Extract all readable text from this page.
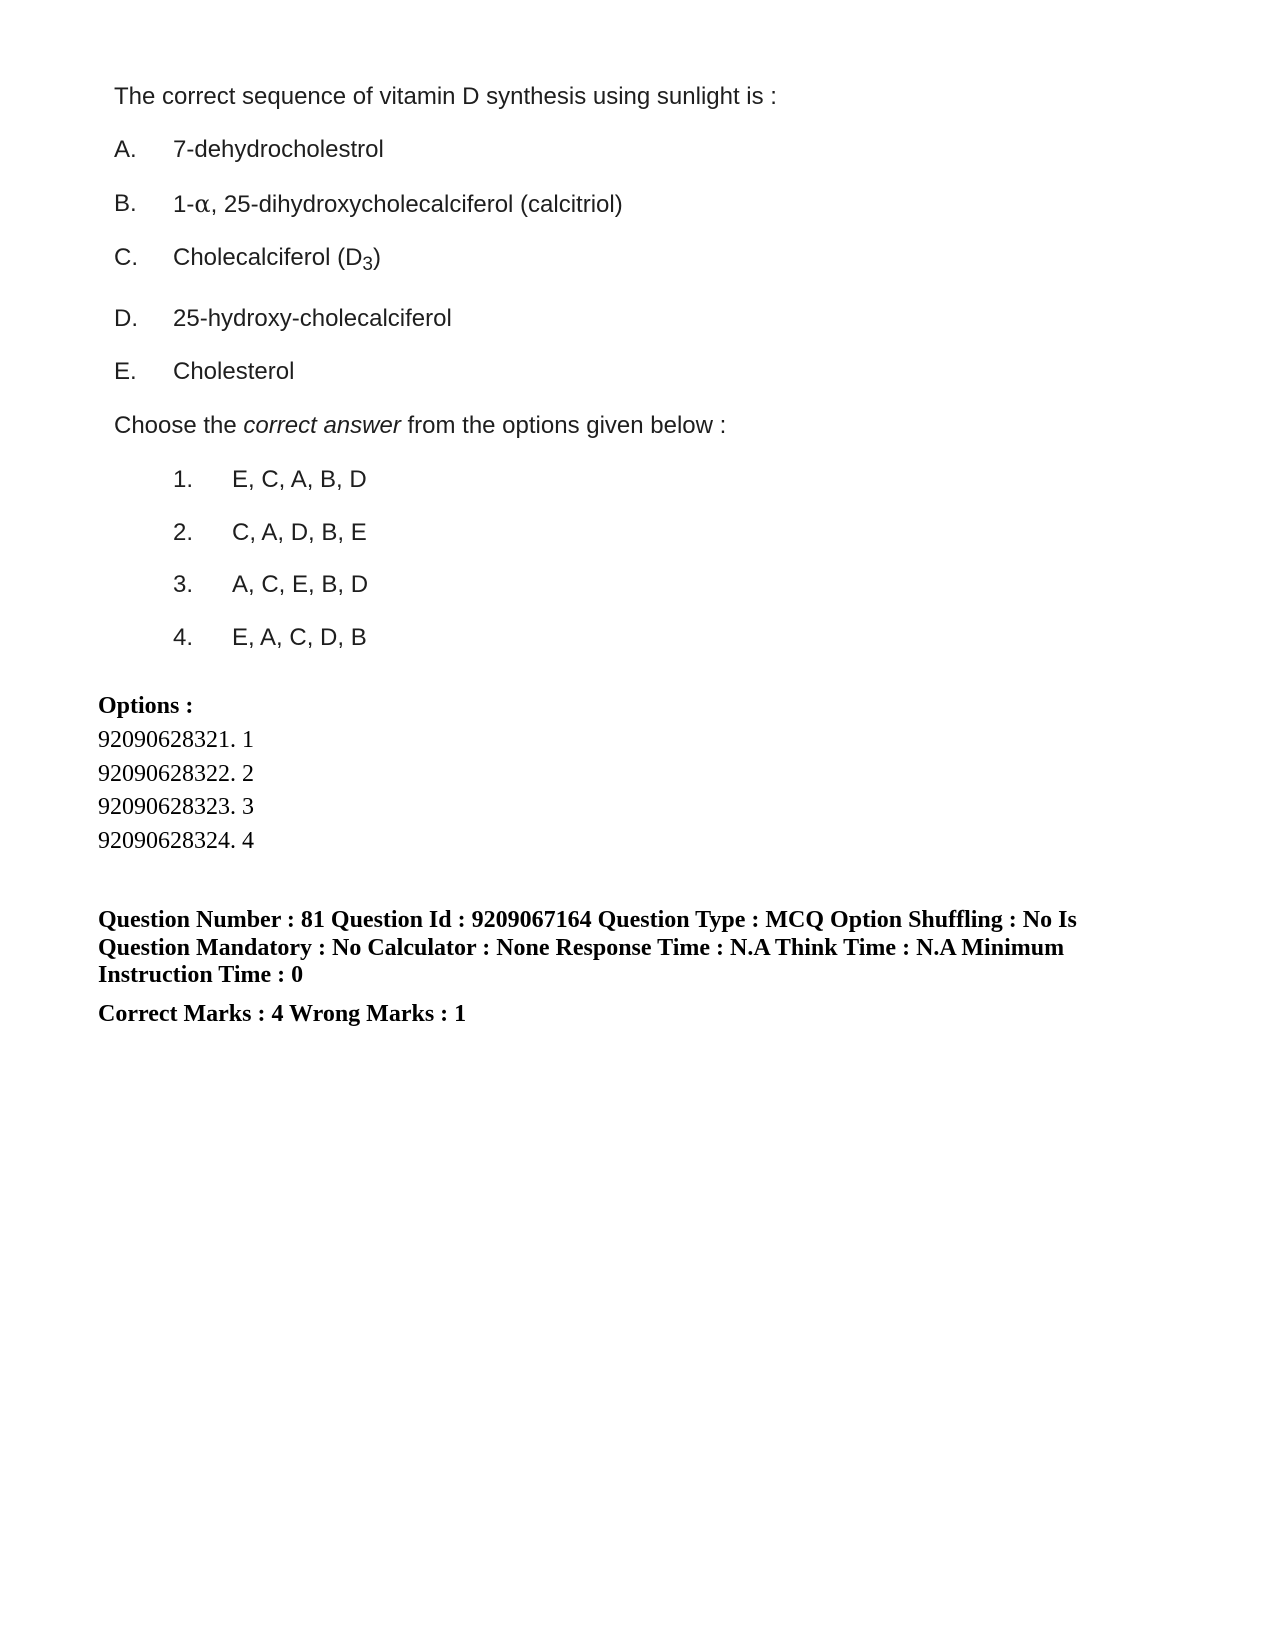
The correct sequence of vitamin D synthesis using sunlight is :
A.	7-dehydrocholestrol
B.	1-α, 25-dihydroxycholecalciferol (calcitriol)
C.	Cholecalciferol $(D_3)$
D.	25-hydroxy-cholecalciferol
E.	Cholesterol
Choose the correct answer from the options given below :
1.	E, C, A, B, D
2.	C, A, D, B, E
3.	A, C, E, B, D
4.	E, A, C, D, B
Options :
92090628321. 1
92090628322. 2
92090628323. 3
92090628324. 4
Question Number : 81 Question Id : 9209067164 Question Type : MCQ Option Shuffling : No Is
Question Mandatory : No Calculator : None Response Time : N.A Think Time : N.A Minimum
Instruction Time : 0
Correct Marks : 4 Wrong Marks : 1
